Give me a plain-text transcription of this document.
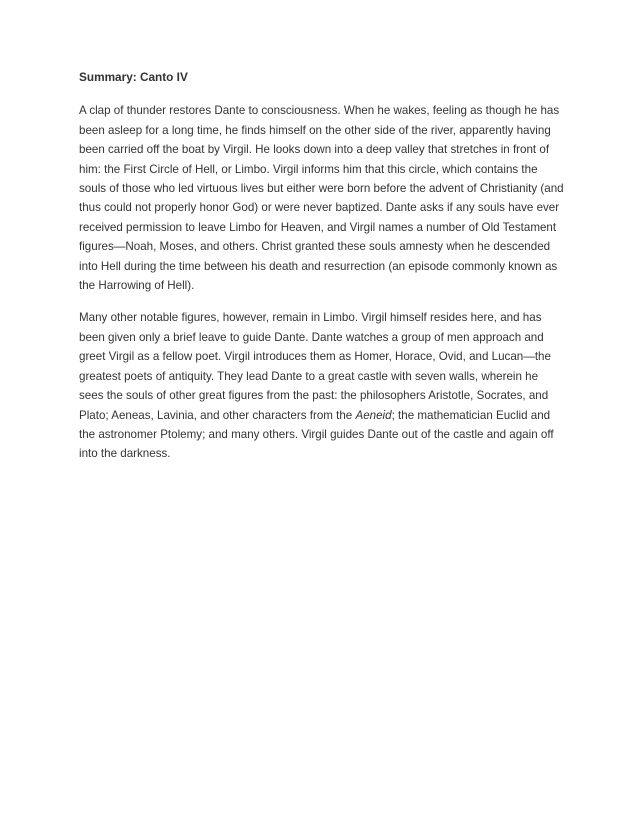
Summary: Canto IV

A clap of thunder restores Dante to consciousness. When he wakes, feeling as though he has been asleep for a long time, he finds himself on the other side of the river, apparently having been carried off the boat by Virgil. He looks down into a deep valley that stretches in front of him: the First Circle of Hell, or Limbo. Virgil informs him that this circle, which contains the souls of those who led virtuous lives but either were born before the advent of Christianity (and thus could not properly honor God) or were never baptized. Dante asks if any souls have ever received permission to leave Limbo for Heaven, and Virgil names a number of Old Testament figures—Noah, Moses, and others. Christ granted these souls amnesty when he descended into Hell during the time between his death and resurrection (an episode commonly known as the Harrowing of Hell).

Many other notable figures, however, remain in Limbo. Virgil himself resides here, and has been given only a brief leave to guide Dante. Dante watches a group of men approach and greet Virgil as a fellow poet. Virgil introduces them as Homer, Horace, Ovid, and Lucan—the greatest poets of antiquity. They lead Dante to a great castle with seven walls, wherein he sees the souls of other great figures from the past: the philosophers Aristotle, Socrates, and Plato; Aeneas, Lavinia, and other characters from the Aeneid; the mathematician Euclid and the astronomer Ptolemy; and many others. Virgil guides Dante out of the castle and again off into the darkness.
